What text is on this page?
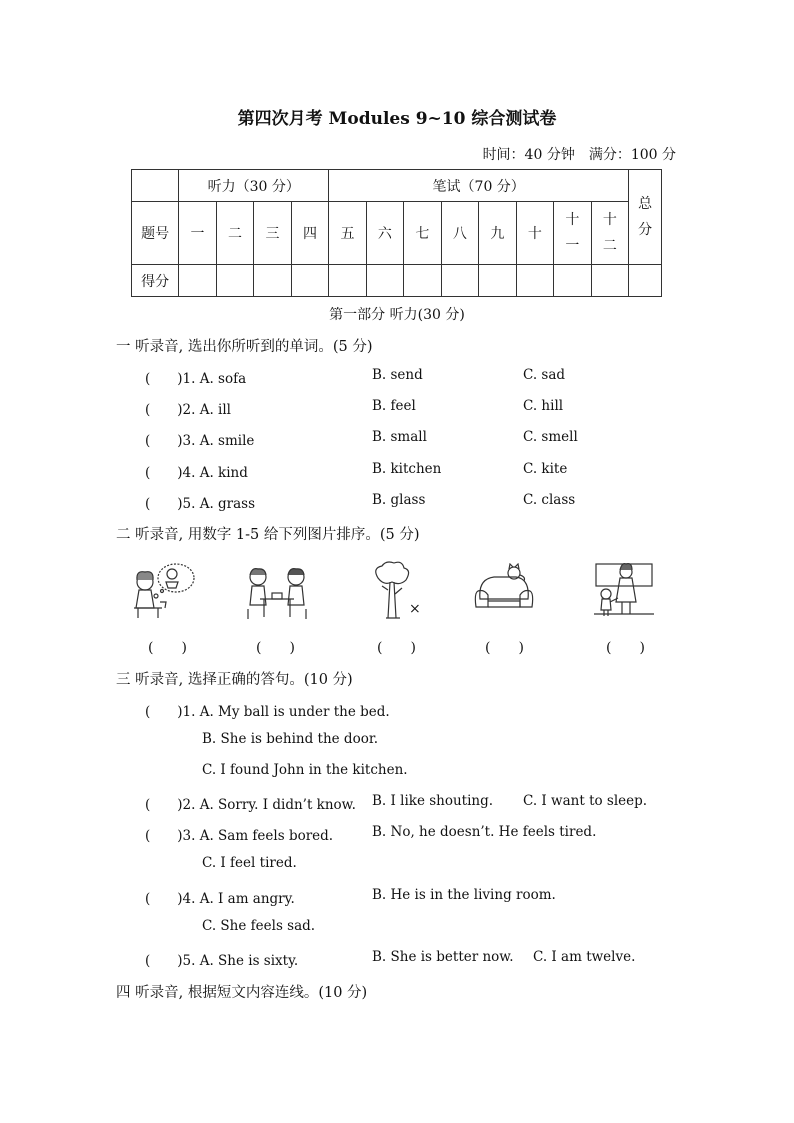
第四次月考 Modules 9~10 综合测试卷
时间：40 分钟　满分：100 分
	听力（30 分）				笔试（70 分）								总分

题号	一	二	三	四	五	六	七	八	九	十	十一	十二	

得分													
第一部分 听力(30 分)
一 听录音, 选出你所听到的单词。(5 分)
(　　)1. A. sofa	B. send	C. sad
(　　)2. A. ill	B. feel	C. hill
(　　)3. A. smile	B. small	C. smell
(　　)4. A. kind	B. kitchen	C. kite
(　　)5. A. grass	B. glass	C. class
二 听录音, 用数字 1-5 给下列图片排序。(5 分)
×
(　　)	(　　)	(　　)	(　　)	(　　)
三 听录音, 选择正确的答句。(10 分)
(　　)1. A. My ball is under the bed.
B. She is behind the door.
C. I found John in the kitchen.
(　　)2. A. Sorry. I didn’t know. B. I like shouting. C. I want to sleep.
(　　)3. A. Sam feels bored.	B. No, he doesn’t. He feels tired.
C. I feel tired.
(　　)4. A. I am angry.	B. He is in the living room.
C. She feels sad.
(　　)5. A. She is sixty.	B. She is better now. C. I am twelve.
四 听录音, 根据短文内容连线。(10 分)
